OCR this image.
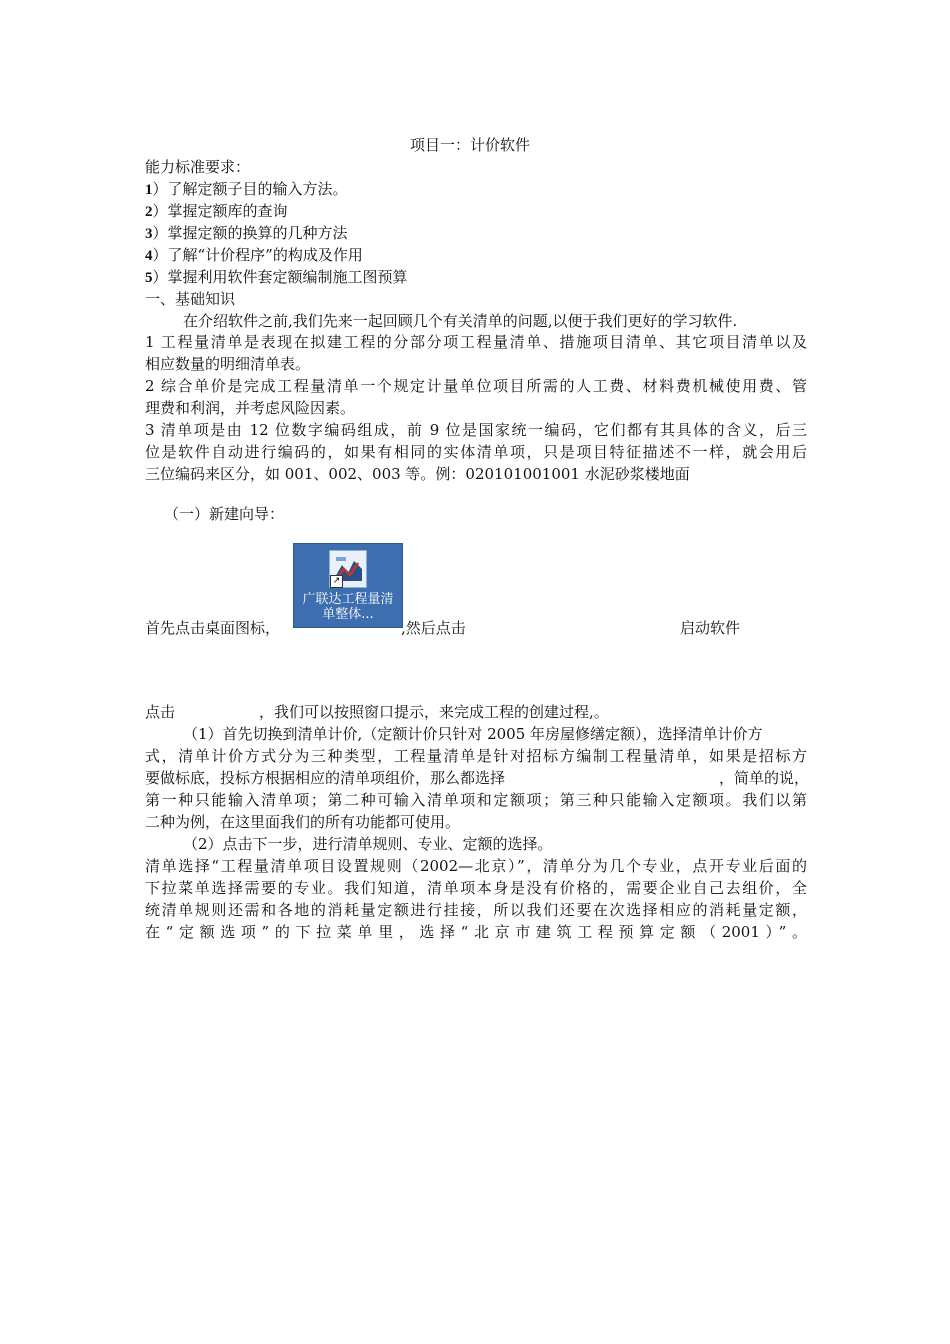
项目一：计价软件
能力标准要求：
1）了解定额子目的输入方法。
2）掌握定额库的查询
3）掌握定额的换算的几种方法
4）了解“计价程序”的构成及作用
5）掌握利用软件套定额编制施工图预算
一、基础知识
在介绍软件之前,我们先来一起回顾几个有关清单的问题,以便于我们更好的学习软件.
1 工程量清单是表现在拟建工程的分部分项工程量清单、措施项目清单、其它项目清单以及
相应数量的明细清单表。
2 综合单价是完成工程量清单一个规定计量单位项目所需的人工费、材料费机械使用费、管
理费和利润，并考虑风险因素。
3 清单项是由 12 位数字编码组成，前 9 位是国家统一编码，它们都有其具体的含义，后三
位是软件自动进行编码的，如果有相同的实体清单项，只是项目特征描述不一样，就会用后
三位编码来区分，如 001、002、003 等。例：020101001001 水泥砂浆楼地面
（一）新建向导：
↗
广联达工程量清单整体...
首先点击桌面图标，	,然后点击	启动软件
点击	，我们可以按照窗口提示，来完成工程的创建过程,。
（1）首先切换到清单计价,（定额计价只针对 2005 年房屋修缮定额），选择清单计价方
式，清单计价方式分为三种类型，工程量清单是针对招标方编制工程量清单，如果是招标方
要做标底，投标方根据相应的清单项组价，那么都选择	，简单的说，
第一种只能输入清单项；第二种可输入清单项和定额项；第三种只能输入定额项。我们以第
二种为例，在这里面我们的所有功能都可使用。
（2）点击下一步，进行清单规则、专业、定额的选择。
清单选择“工程量清单项目设置规则（2002—北京）”，清单分为几个专业，点开专业后面的
下拉菜单选择需要的专业。我们知道，清单项本身是没有价格的，需要企业自己去组价，全
统清单规则还需和各地的消耗量定额进行挂接，所以我们还要在次选择相应的消耗量定额，
在“定额选项”的下拉菜单里，选择“北京市建筑工程预算定额（2001）”。
